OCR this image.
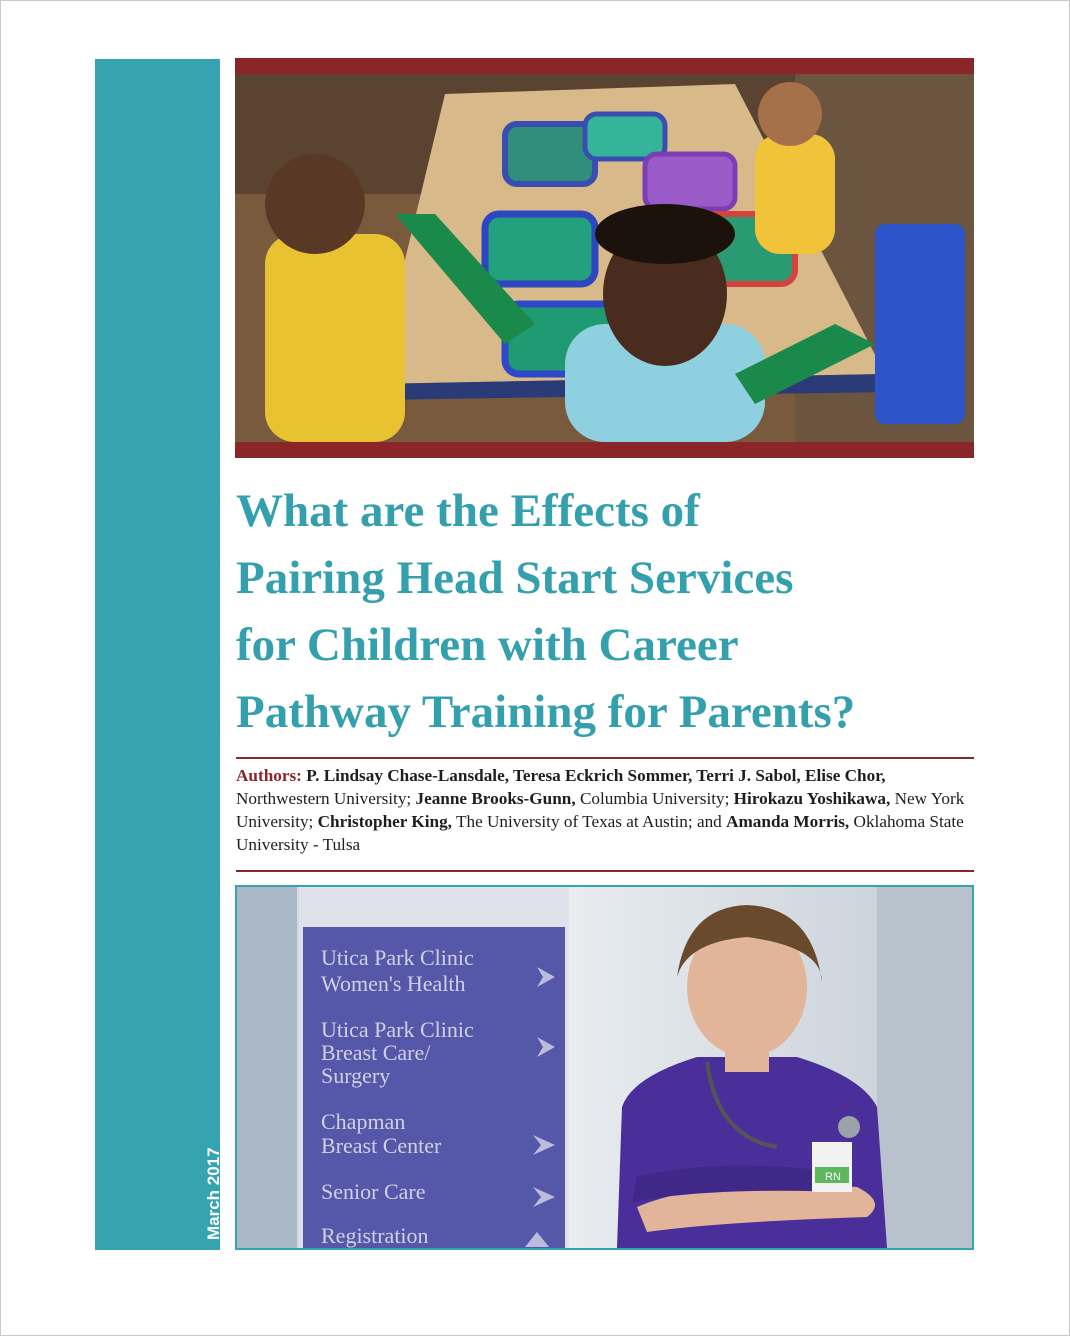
March 2017
What are the Effects of
Pairing Head Start Services
for Children with Career
Pathway Training for Parents?

Authors: P. Lindsay Chase-Lansdale, Teresa Eckrich Sommer, Terri J. Sabol, Elise Chor, Northwestern University; Jeanne Brooks-Gunn, Columbia University; Hirokazu Yoshikawa, New York University; Christopher King, The University of Texas at Austin; and Amanda Morris, Oklahoma State University - Tulsa

Utica Park Clinic
Women's Health
Utica Park Clinic
Breast Care/
Surgery
Chapman
Breast Center
Senior Care
Registration
RN
